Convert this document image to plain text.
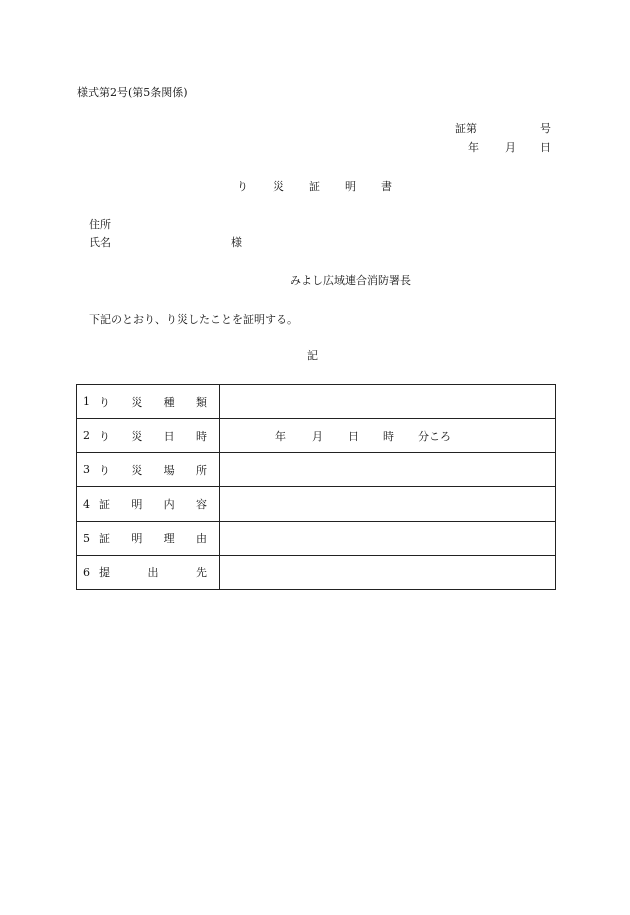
様式第2号(第5条関係)
証第	号
年 月 日
り 災 証 明 書
住所
氏名	様
みよし広域連合消防署長
下記のとおり、り災したことを証明する。
記
1 り 災 種 類	

2 り 災 日 時	年 月 日 時 分ころ

3 り 災 場 所	

4 証 明 内 容	

5 証 明 理 由	

6 提 出 先	
